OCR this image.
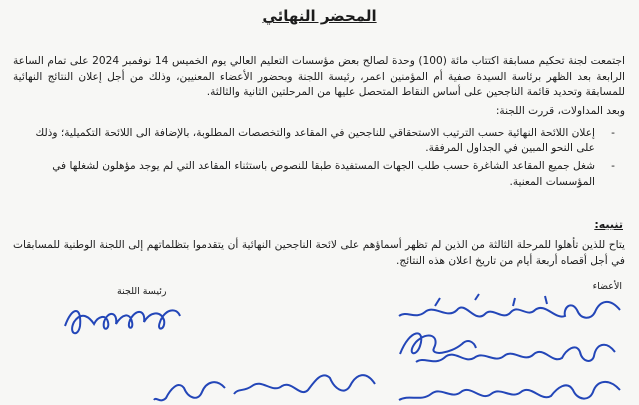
المحضر النهائي
اجتمعت لجنة تحكيم مسابقة اكتتاب مائة (100) وحدة لصالح بعض مؤسسات التعليم العالي يوم الخميس 14 نوفمبر 2024 على تمام الساعة الرابعة بعد الظهر برئاسة السيدة صفية أم المؤمنين اعمر، رئيسة اللجنة وبحضور الأعضاء المعنيين، وذلك من أجل إعلان النتائج النهائية للمسابقة وتحديد قائمة الناجحين على أساس النقاط المتحصل عليها من المرحلتين الثانية والثالثة.
وبعد المداولات، قررت اللجنة:
- إعلان اللائحة النهائية حسب الترتيب الاستحقاقي للناجحين في المقاعد والتخصصات المطلوبة، بالإضافة الى اللائحة التكميلية؛ وذلك على النحو المبين في الجداول المرفقة.
- شغل جميع المقاعد الشاغرة حسب طلب الجهات المستفيدة طبقا للنصوص باستثناء المقاعد التي لم يوجد مؤهلون لشغلها في المؤسسات المعنية.
تنبيه:
يتاح للذين تأهلوا للمرحلة الثالثة من الذين لم تظهر أسماؤهم على لائحة الناجحين النهائية أن يتقدموا بتظلماتهم إلى اللجنة الوطنية للمسابقات في أجل أقصاه أربعة أيام من تاريخ اعلان هذه النتائج.
الأعضاء
رئيسة اللجنة
